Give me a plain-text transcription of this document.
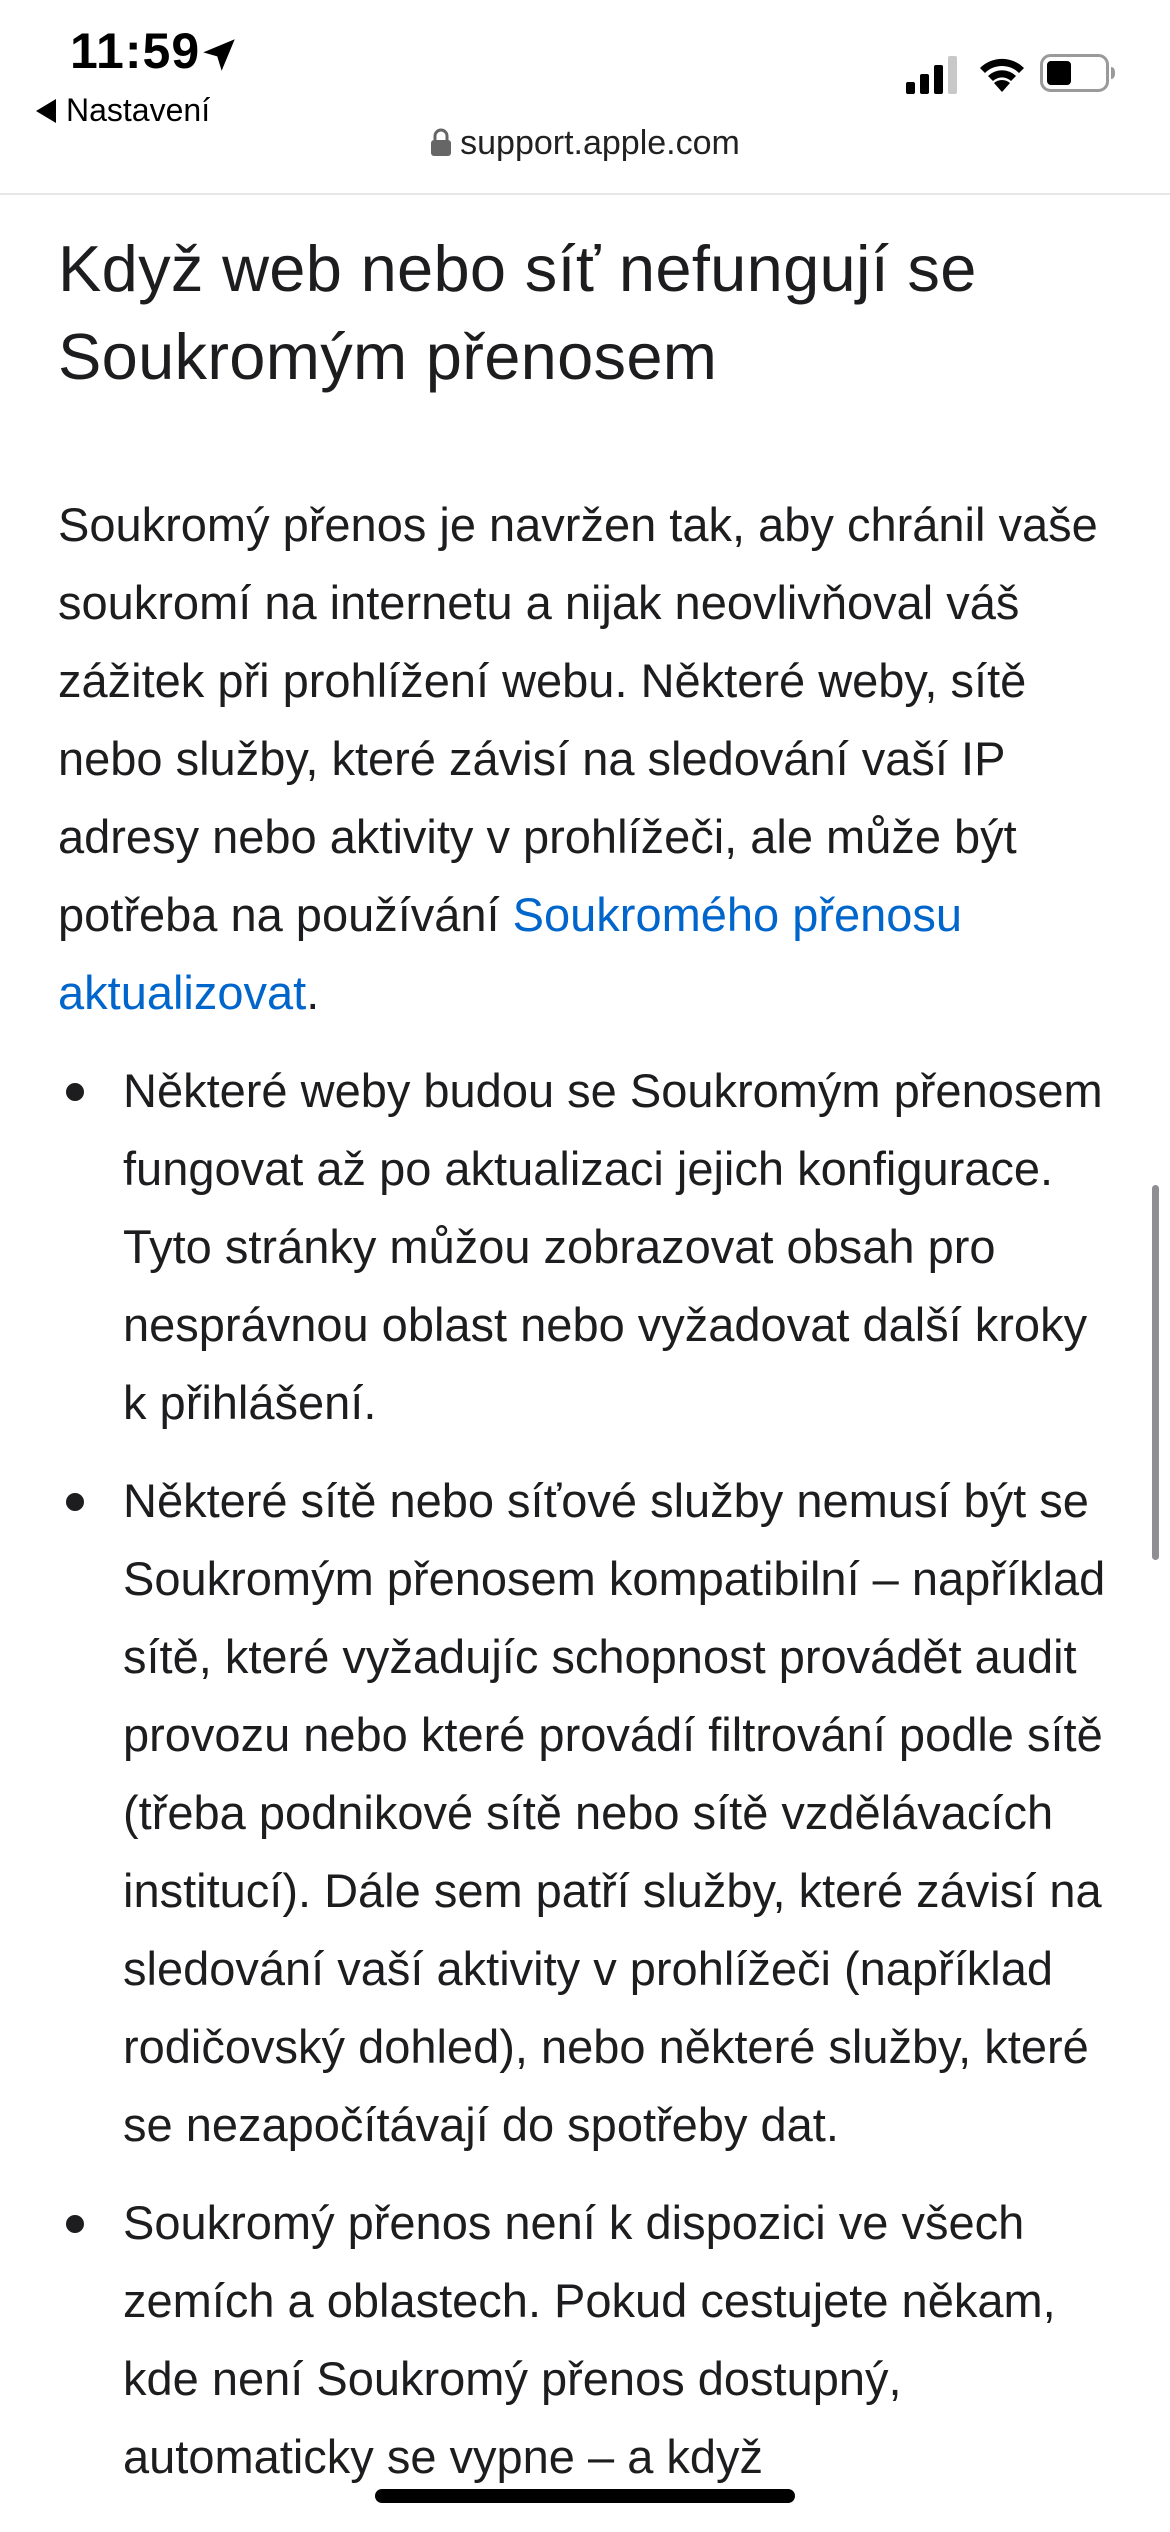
11:59
Nastavení
support.apple.com
Když web nebo síť nefungují se Soukromým přenosem

Soukromý přenos je navržen tak, aby chránil vaše soukromí na internetu a nijak neovlivňoval váš zážitek při prohlížení webu. Některé weby, sítě nebo služby, které závisí na sledování vaší IP adresy nebo aktivity v prohlížeči, ale může být potřeba na používání Soukromého přenosu aktualizovat.

Některé weby budou se Soukromým přenosem fungovat až po aktualizaci jejich konfigurace. Tyto stránky můžou zobrazovat obsah pro nesprávnou oblast nebo vyžadovat další kroky k přihlášení.
Některé sítě nebo síťové služby nemusí být se Soukromým přenosem kompatibilní – například sítě, které vyžadujíc schopnost provádět audit provozu nebo které provádí filtrování podle sítě (třeba podnikové sítě nebo sítě vzdělávacích institucí). Dále sem patří služby, které závisí na sledování vaší aktivity v prohlížeči (například rodičovský dohled), nebo některé služby, které se nezapočítávají do spotřeby dat.
Soukromý přenos není k dispozici ve všech zemích a oblastech. Pokud cestujete někam, kde není Soukromý přenos dostupný, automaticky se vypne – a když
